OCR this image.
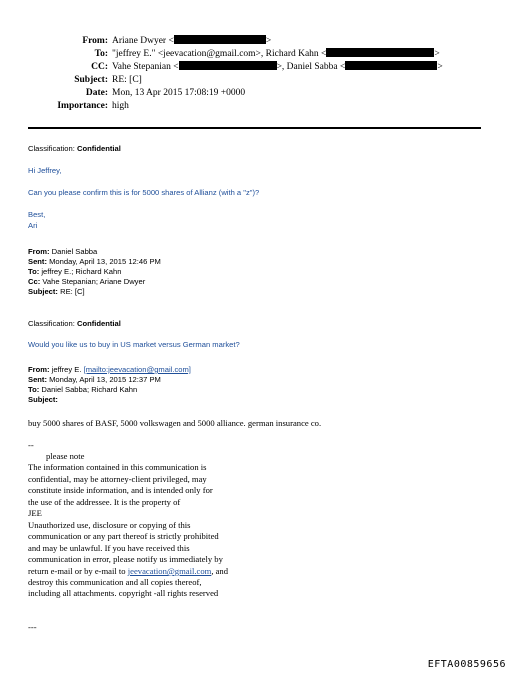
From: Ariane Dwyer <	>
To: "jeffrey E." <jeevacation@gmail.com>, Richard Kahn <	>
CC: Vahe Stepanian <	>, Daniel Sabba <	>
Subject: RE: [C]
Date: Mon, 13 Apr 2015 17:08:19 +0000
Importance: high
Classification: Confidential
Hi Jeffrey,
Can you please confirm this is for 5000 shares of Allianz (with a "z")?
Best,
Ari
From: Daniel Sabba
Sent: Monday, April 13, 2015 12:46 PM
To: jeffrey E.; Richard Kahn
Cc: Vahe Stepanian; Ariane Dwyer
Subject: RE: [C]
Classification: Confidential
Would you like us to buy in US market versus German market?
From: jeffrey E. [mailto:jeevacation@gmail.com]
Sent: Monday, April 13, 2015 12:37 PM
To: Daniel Sabba; Richard Kahn
Subject:
buy 5000 shares of BASF, 5000 volkswagen and 5000 alliance. german insurance co.
--
please note
The information contained in this communication is
confidential, may be attorney-client privileged, may
constitute inside information, and is intended only for
the use of the addressee. It is the property of
JEE
Unauthorized use, disclosure or copying of this
communication or any part thereof is strictly prohibited
and may be unlawful. If you have received this
communication in error, please notify us immediately by
return e-mail or by e-mail to jeevacation@gmail.com, and
destroy this communication and all copies thereof,
including all attachments. copyright -all rights reserved
---
EFTA00859656
